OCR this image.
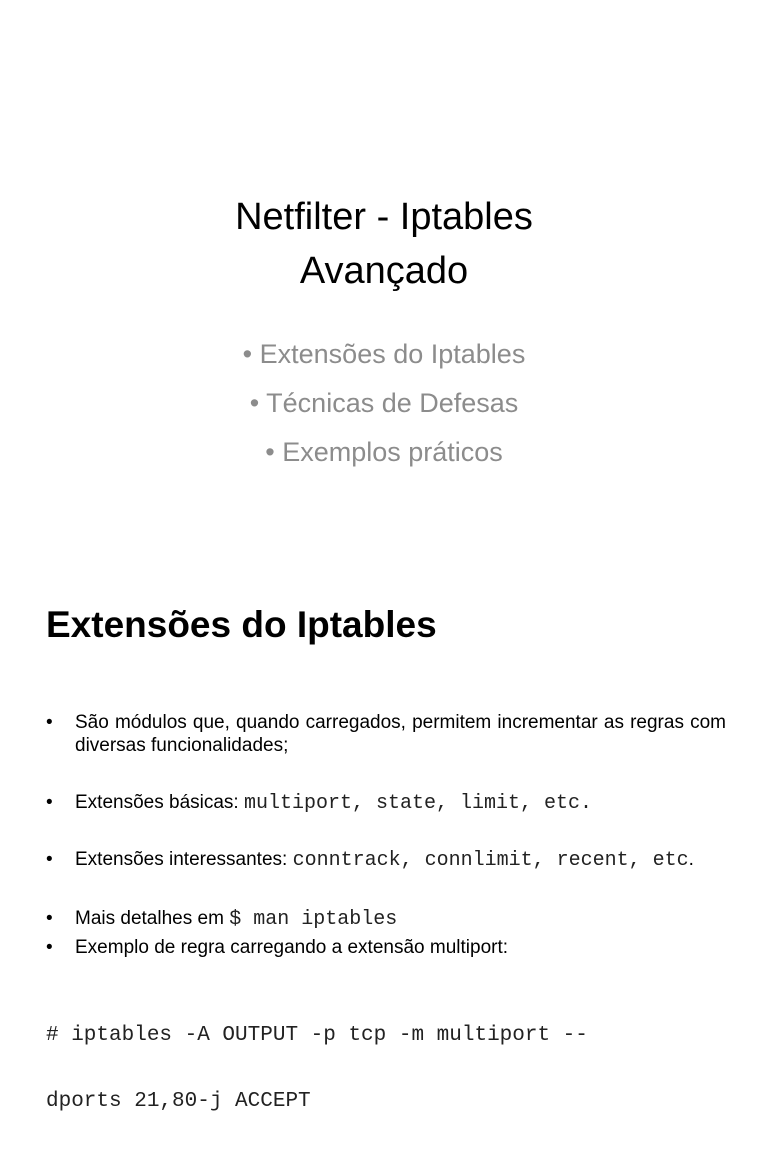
Netfilter - Iptables
Avançado
• Extensões do Iptables
• Técnicas de Defesas
• Exemplos práticos
Extensões do Iptables
• São módulos que, quando carregados, permitem incrementar as regras com diversas funcionalidades;
• Extensões básicas: multiport, state, limit, etc.
• Extensões interessantes: conntrack, connlimit, recent, etc.
• Mais detalhes em $ man iptables
• Exemplo de regra carregando a extensão multiport:

# iptables -A OUTPUT -p tcp -m multiport --

dports 21,80-j ACCEPT
